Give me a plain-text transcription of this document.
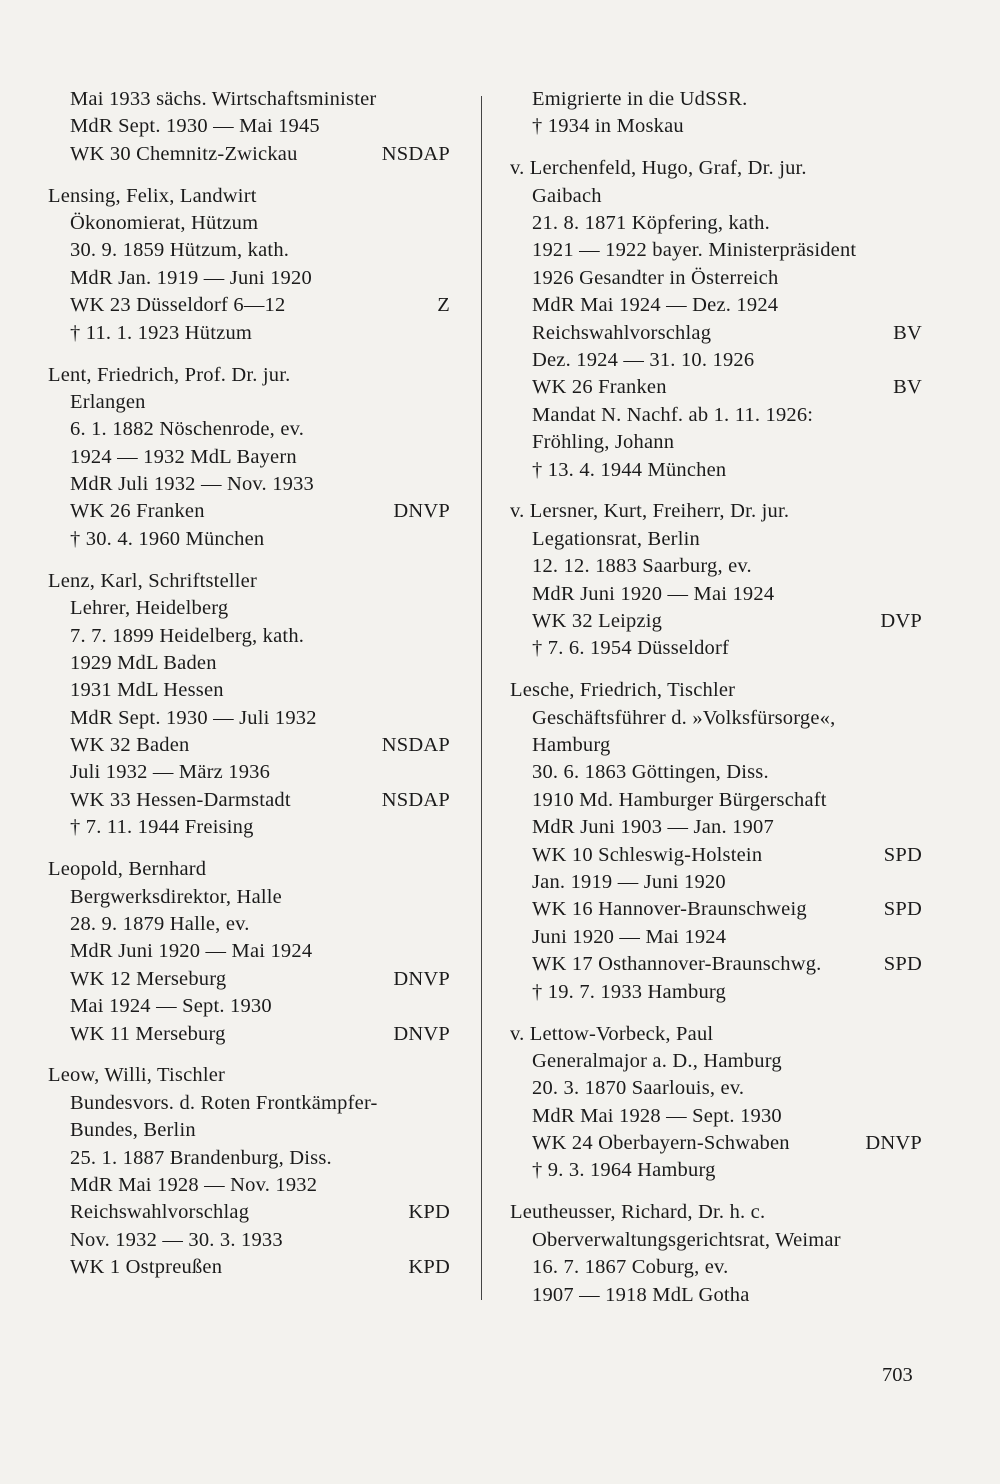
Mai 1933 sächs. Wirtschaftsminister
MdR Sept. 1930 — Mai 1945
WK 30 Chemnitz-Zwickau	NSDAP
Lensing, Felix, Landwirt
Ökonomierat, Hützum
30. 9. 1859 Hützum, kath.
MdR Jan. 1919 — Juni 1920
WK 23 Düsseldorf 6—12	Z
† 11. 1. 1923 Hützum
Lent, Friedrich, Prof. Dr. jur.
Erlangen
6. 1. 1882 Nöschenrode, ev.
1924 — 1932 MdL Bayern
MdR Juli 1932 — Nov. 1933
WK 26 Franken	DNVP
† 30. 4. 1960 München
Lenz, Karl, Schriftsteller
Lehrer, Heidelberg
7. 7. 1899 Heidelberg, kath.
1929 MdL Baden
1931 MdL Hessen
MdR Sept. 1930 — Juli 1932
WK 32 Baden	NSDAP
Juli 1932 — März 1936
WK 33 Hessen-Darmstadt	NSDAP
† 7. 11. 1944 Freising
Leopold, Bernhard
Bergwerksdirektor, Halle
28. 9. 1879 Halle, ev.
MdR Juni 1920 — Mai 1924
WK 12 Merseburg	DNVP
Mai 1924 — Sept. 1930
WK 11 Merseburg	DNVP
Leow, Willi, Tischler
Bundesvors. d. Roten Frontkämpfer-
Bundes, Berlin
25. 1. 1887 Brandenburg, Diss.
MdR Mai 1928 — Nov. 1932
Reichswahlvorschlag	KPD
Nov. 1932 — 30. 3. 1933
WK 1 Ostpreußen	KPD
Emigrierte in die UdSSR.
† 1934 in Moskau
v. Lerchenfeld, Hugo, Graf, Dr. jur.
Gaibach
21. 8. 1871 Köpfering, kath.
1921 — 1922 bayer. Ministerpräsident
1926 Gesandter in Österreich
MdR Mai 1924 — Dez. 1924
Reichswahlvorschlag	BV
Dez. 1924 — 31. 10. 1926
WK 26 Franken	BV
Mandat N. Nachf. ab 1. 11. 1926:
Fröhling, Johann
† 13. 4. 1944 München
v. Lersner, Kurt, Freiherr, Dr. jur.
Legationsrat, Berlin
12. 12. 1883 Saarburg, ev.
MdR Juni 1920 — Mai 1924
WK 32 Leipzig	DVP
† 7. 6. 1954 Düsseldorf
Lesche, Friedrich, Tischler
Geschäftsführer d. »Volksfürsorge«,
Hamburg
30. 6. 1863 Göttingen, Diss.
1910 Md. Hamburger Bürgerschaft
MdR Juni 1903 — Jan. 1907
WK 10 Schleswig-Holstein	SPD
Jan. 1919 — Juni 1920
WK 16 Hannover-Braunschweig	SPD
Juni 1920 — Mai 1924
WK 17 Osthannover-Braunschwg.	SPD
† 19. 7. 1933 Hamburg
v. Lettow-Vorbeck, Paul
Generalmajor a. D., Hamburg
20. 3. 1870 Saarlouis, ev.
MdR Mai 1928 — Sept. 1930
WK 24 Oberbayern-Schwaben	DNVP
† 9. 3. 1964 Hamburg
Leutheusser, Richard, Dr. h. c.
Oberverwaltungsgerichtsrat, Weimar
16. 7. 1867 Coburg, ev.
1907 — 1918 MdL Gotha
703
